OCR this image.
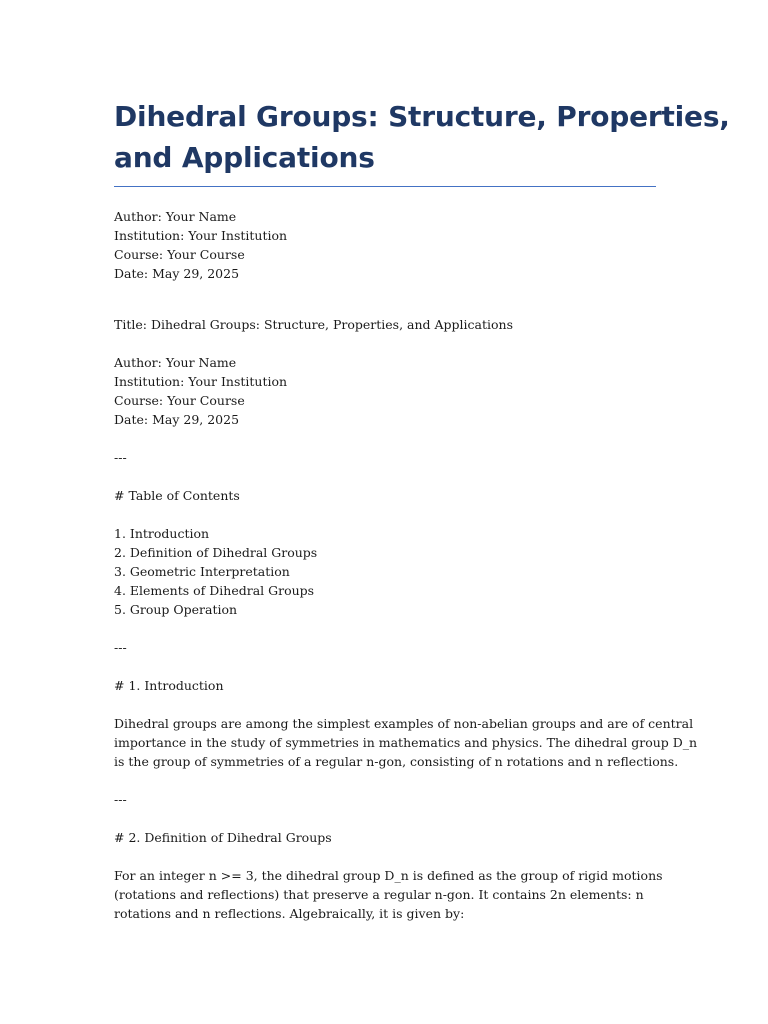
Dihedral Groups: Structure, Properties,
and Applications
Author: Your Name
Institution: Your Institution
Course: Your Course
Date: May 29, 2025
Title: Dihedral Groups: Structure, Properties, and Applications
Author: Your Name
Institution: Your Institution
Course: Your Course
Date: May 29, 2025
---
# Table of Contents
1. Introduction
2. Definition of Dihedral Groups
3. Geometric Interpretation
4. Elements of Dihedral Groups
5. Group Operation
---
# 1. Introduction
Dihedral groups are among the simplest examples of non-abelian groups and are of central
importance in the study of symmetries in mathematics and physics. The dihedral group D_n
is the group of symmetries of a regular n-gon, consisting of n rotations and n reflections.
---
# 2. Definition of Dihedral Groups
For an integer n >= 3, the dihedral group D_n is defined as the group of rigid motions
(rotations and reflections) that preserve a regular n-gon. It contains 2n elements: n
rotations and n reflections. Algebraically, it is given by:
